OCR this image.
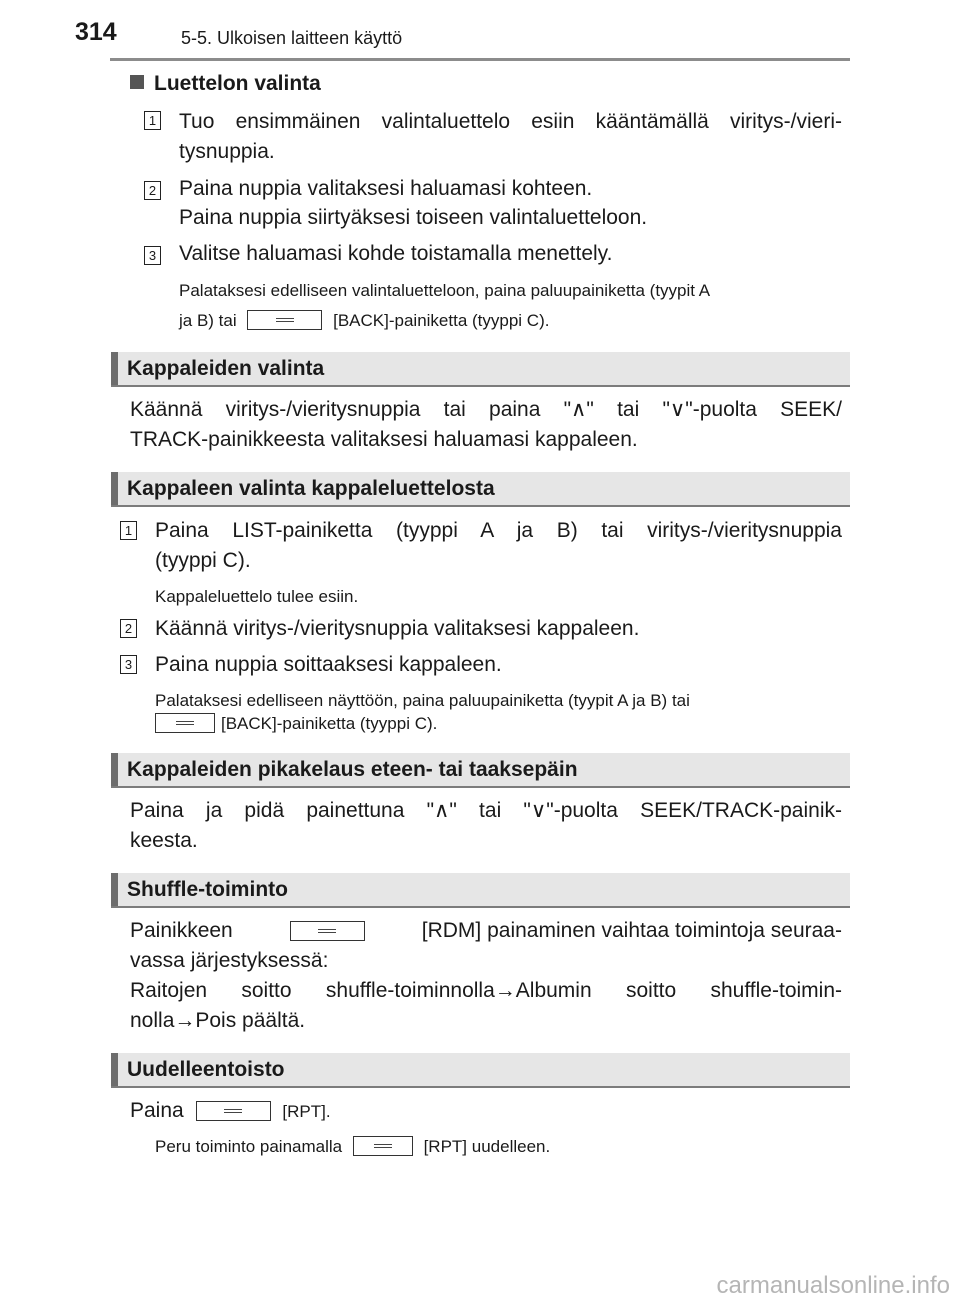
314	5-5. Ulkoisen laitteen käyttö
Luettelon valinta
1 Tuo ensimmäinen valintaluettelo esiin kääntämällä viritys-/vieri-
tysnuppia.
2 Paina nuppia valitaksesi haluamasi kohteen.
Paina nuppia siirtyäksesi toiseen valintaluetteloon.
3 Valitse haluamasi kohde toistamalla menettely.
Palataksesi edelliseen valintaluetteloon, paina paluupainiketta (tyypit A
ja B) tai	[BACK]-painiketta (tyyppi C).
Kappaleiden valinta
Käännä viritys-/vieritysnuppia tai paina "∧" tai "∨"-puolta SEEK/
TRACK-painikkeesta valitaksesi haluamasi kappaleen.
Kappaleen valinta kappaleluettelosta
1 Paina LIST-painiketta (tyyppi A ja B) tai viritys-/vieritysnuppia
(tyyppi C).
Kappaleluettelo tulee esiin.
2 Käännä viritys-/vieritysnuppia valitaksesi kappaleen.
3 Paina nuppia soittaaksesi kappaleen.
Palataksesi edelliseen näyttöön, paina paluupainiketta (tyypit A ja B) tai
[BACK]-painiketta (tyyppi C).
Kappaleiden pikakelaus eteen- tai taaksepäin
Paina ja pidä painettuna "∧" tai "∨"-puolta SEEK/TRACK-painik-
keesta.
Shuffle-toiminto
Painikkeen	[RDM] painaminen vaihtaa toimintoja seuraa-
vassa järjestyksessä:
Raitojen soitto shuffle-toiminnolla→Albumin soitto shuffle-toimin-
nolla→Pois päältä.
Uudelleentoisto
Paina	[RPT].
Peru toiminto painamalla	[RPT] uudelleen.
carmanualsonline.info
